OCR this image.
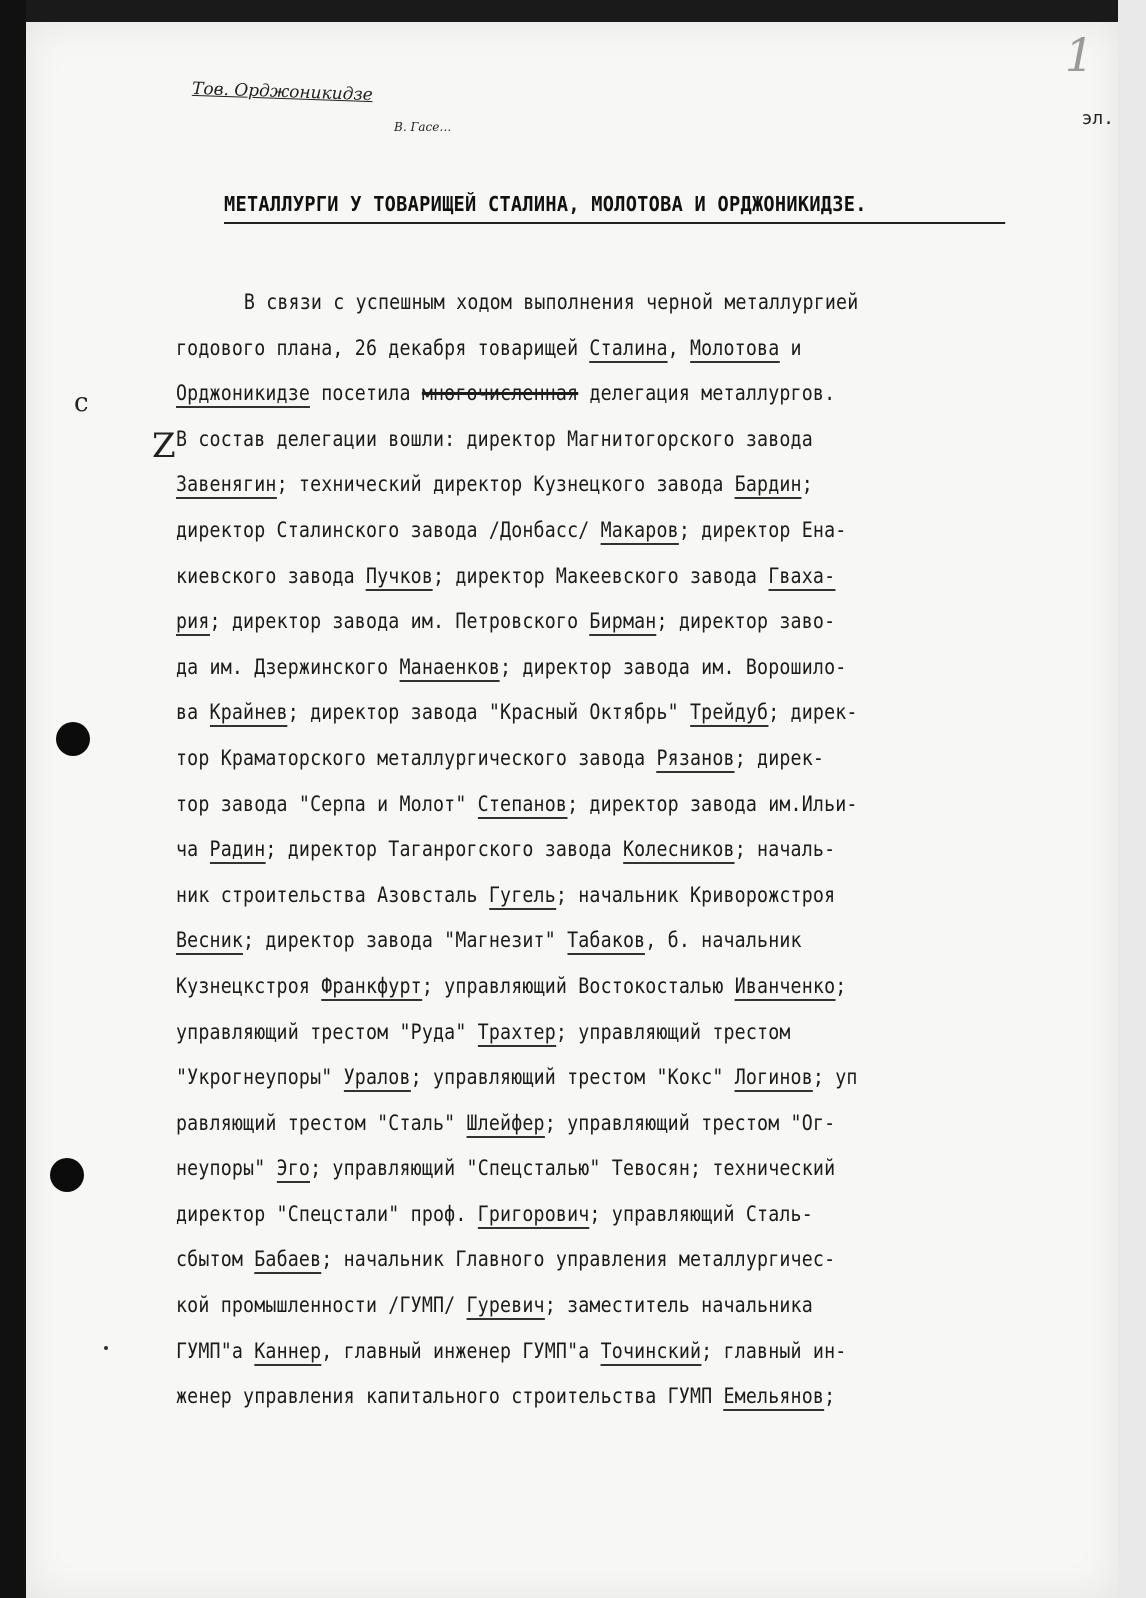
Тов. Орджоникидзе
В. Гасе…
1
эл.
МЕТАЛЛУРГИ У ТОВАРИЩЕЙ СТАЛИНА, МОЛОТОВА И ОРДЖОНИКИДЗЕ.
В связи с успешным ходом выполнения черной металлургией
годового плана, 26 декабря товарищей Сталина, Молотова и
Орджоникидзе посетила многочисленная делегация металлургов.
В состав делегации вошли: директор Магнитогорского завода
Завенягин; технический директор Кузнецкого завода Бардин;
директор Сталинского завода /Донбасс/ Макаров; директор Ена-
киевского завода Пучков; директор Макеевского завода Гваха-
рия; директор завода им. Петровского Бирман; директор заво-
да им. Дзержинского Манаенков; директор завода им. Ворошило-
ва Крайнев; директор завода "Красный Октябрь" Трейдуб; дирек-
тор Краматорского металлургического завода Рязанов; дирек-
тор завода "Серпа и Молот" Степанов; директор завода им.Ильи-
ча Радин; директор Таганрогского завода Колесников; началь-
ник строительства Азовсталь Гугель; начальник Криворожстроя
Весник; директор завода "Магнезит" Табаков, б. начальник
Кузнецкстроя Франкфурт; управляющий Востокосталью Иванченко;
управляющий трестом "Руда" Трахтер; управляющий трестом
"Укрогнеупоры" Уралов; управляющий трестом "Кокс" Логинов; уп
равляющий трестом "Сталь" Шлейфер; управляющий трестом "Ог-
неупоры" Эго; управляющий "Спецсталью" Тевосян; технический
директор "Спецстали" проф. Григорович; управляющий Сталь-
сбытом Бабаев; начальник Главного управления металлургичес-
кой промышленности /ГУМП/ Гуревич; заместитель начальника
ГУМП"а Каннер, главный инженер ГУМП"а Точинский; главный ин-
женер управления капитального строительства ГУМП Емельянов;
с
Z
